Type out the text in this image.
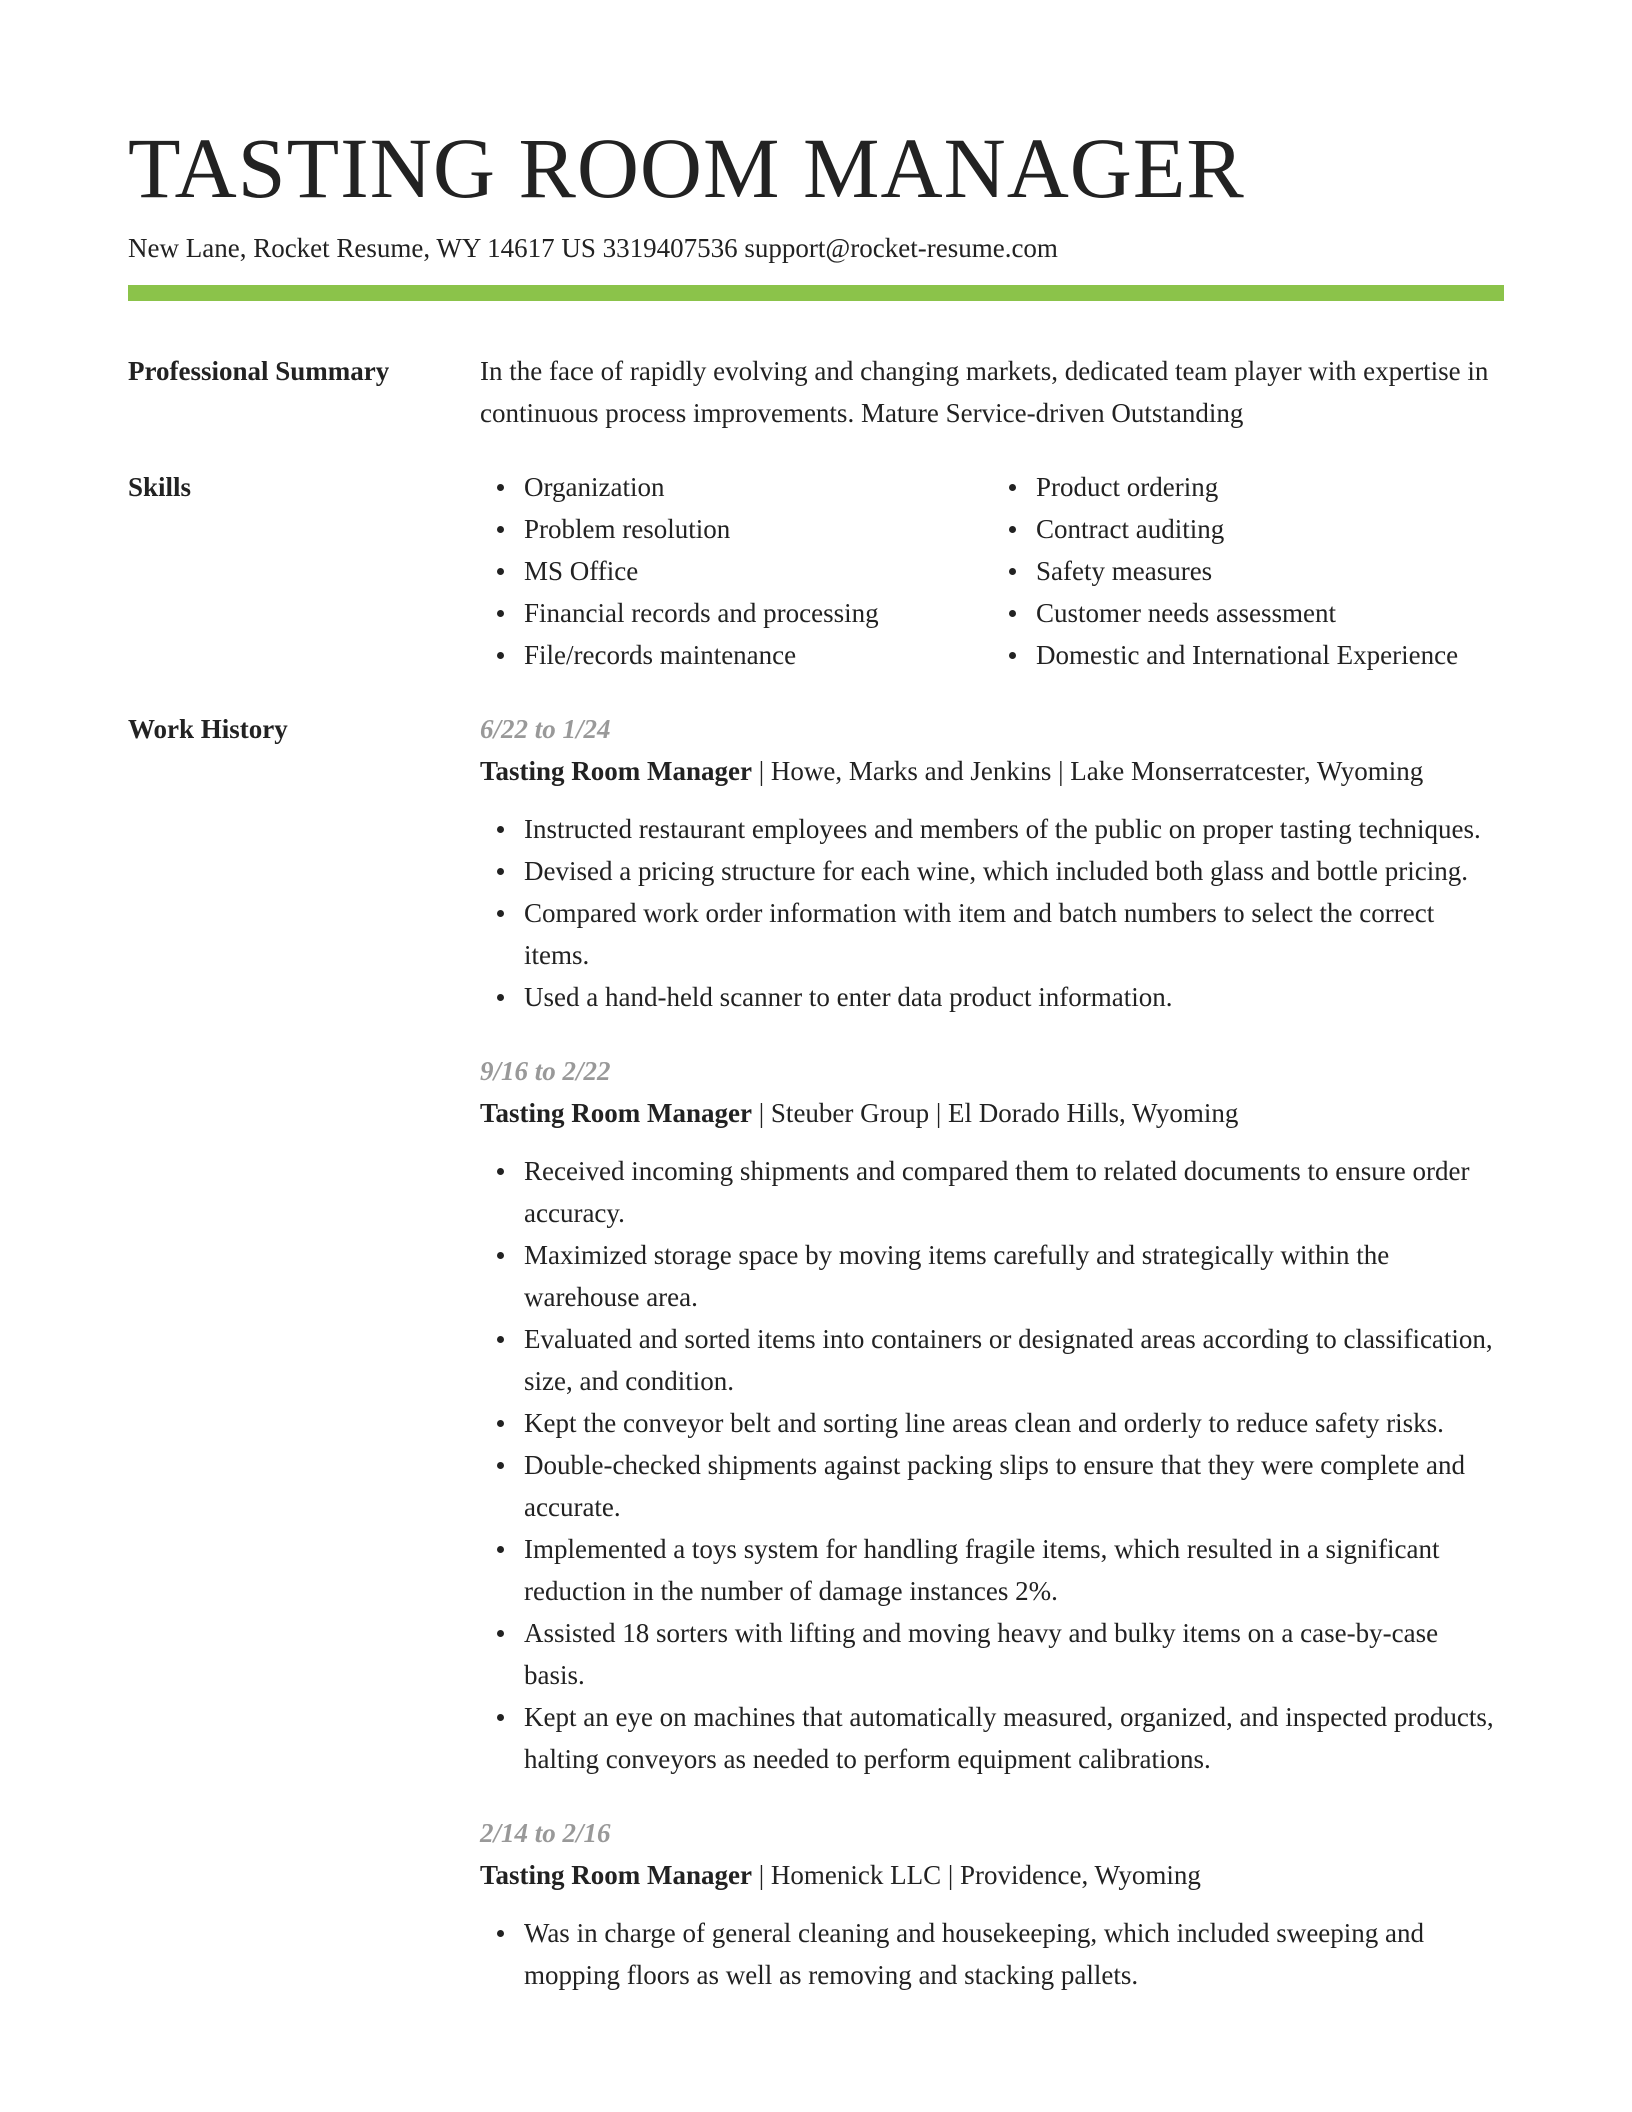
TASTING ROOM MANAGER
New Lane, Rocket Resume, WY 14617 US 3319407536 support@rocket-resume.com
Professional Summary	In the face of rapidly evolving and changing markets, dedicated team player with expertise in continuous process improvements. Mature Service-driven Outstanding

Skills	Organization
Problem resolution
MS Office
Financial records and processing
File/records maintenance
Product ordering
Contract auditing
Safety measures
Customer needs assessment
Domestic and International Experience
Work History	6/22 to 1/24
Tasting Room Manager | Howe, Marks and Jenkins | Lake Monserratcester, Wyoming
Instructed restaurant employees and members of the public on proper tasting techniques.
Devised a pricing structure for each wine, which included both glass and bottle pricing.
Compared work order information with item and batch numbers to select the correct items.
Used a hand-held scanner to enter data product information.
9/16 to 2/22
Tasting Room Manager | Steuber Group | El Dorado Hills, Wyoming
Received incoming shipments and compared them to related documents to ensure order accuracy.
Maximized storage space by moving items carefully and strategically within the warehouse area.
Evaluated and sorted items into containers or designated areas according to classification, size, and condition.
Kept the conveyor belt and sorting line areas clean and orderly to reduce safety risks.
Double-checked shipments against packing slips to ensure that they were complete and accurate.
Implemented a toys system for handling fragile items, which resulted in a significant reduction in the number of damage instances 2%.
Assisted 18 sorters with lifting and moving heavy and bulky items on a case-by-case basis.
Kept an eye on machines that automatically measured, organized, and inspected products, halting conveyors as needed to perform equipment calibrations.
2/14 to 2/16
Tasting Room Manager | Homenick LLC | Providence, Wyoming
Was in charge of general cleaning and housekeeping, which included sweeping and mopping floors as well as removing and stacking pallets.
